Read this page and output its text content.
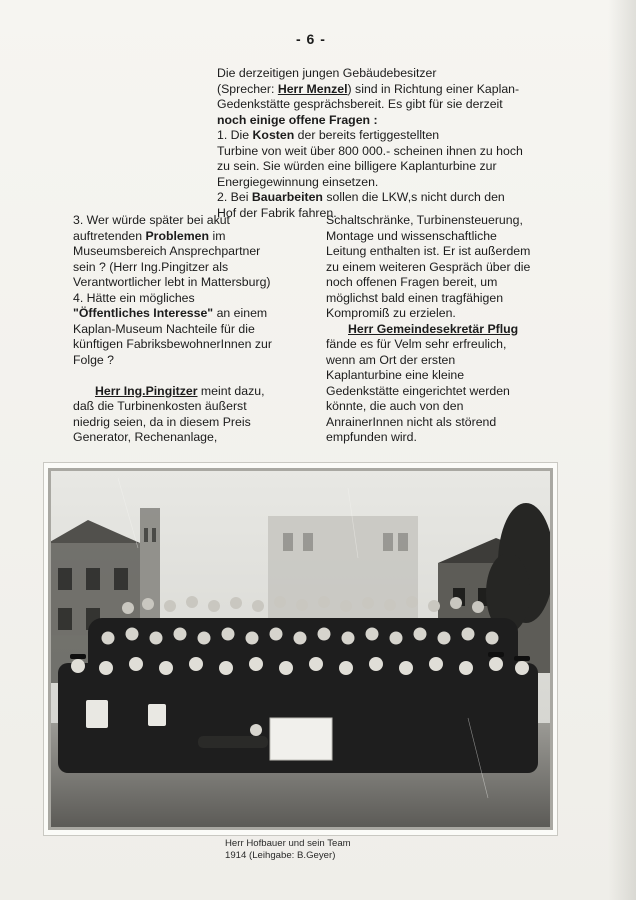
- 6 -

Die derzeitigen jungen Gebäudebesitzer

(Sprecher: Herr Menzel) sind in Richtung einer Kaplan-

Gedenkstätte gesprächsbereit. Es gibt für sie derzeit

noch einige offene Fragen :

1. Die Kosten der bereits fertiggestellten

Turbine von weit über 800 000.- scheinen ihnen zu hoch

zu sein. Sie würden eine billigere Kaplanturbine zur

Energiegewinnung einsetzen.

2. Bei Bauarbeiten sollen die LKW,s nicht durch den

Hof der Fabrik fahren.

3. Wer würde später bei akut

auftretenden Problemen im

Museumsbereich Ansprechpartner

sein ? (Herr Ing.Pingitzer als

Verantwortlicher lebt in Mattersburg)

4. Hätte ein mögliches

"Öffentliches Interesse" an einem

Kaplan-Museum Nachteile für die

künftigen FabriksbewohnerInnen zur

Folge ?

Herr Ing.Pingitzer meint dazu,

daß die Turbinenkosten äußerst

niedrig seien, da in diesem Preis

Generator, Rechenanlage,

Schaltschränke, Turbinensteuerung,

Montage und wissenschaftliche

Leitung enthalten ist. Er ist außerdem

zu einem weiteren Gespräch über die

noch offenen Fragen bereit, um

möglichst bald einen tragfähigen

Kompromiß zu erzielen.

Herr Gemeindesekretär Pflug

fände es für Velm sehr erfreulich,

wenn am Ort der ersten

Kaplanturbine eine kleine

Gedenkstätte eingerichtet werden

könnte, die auch von den

AnrainerInnen nicht als störend

empfunden wird.

Herr Hofbauer und sein Team

1914 (Leihgabe: B.Geyer)
